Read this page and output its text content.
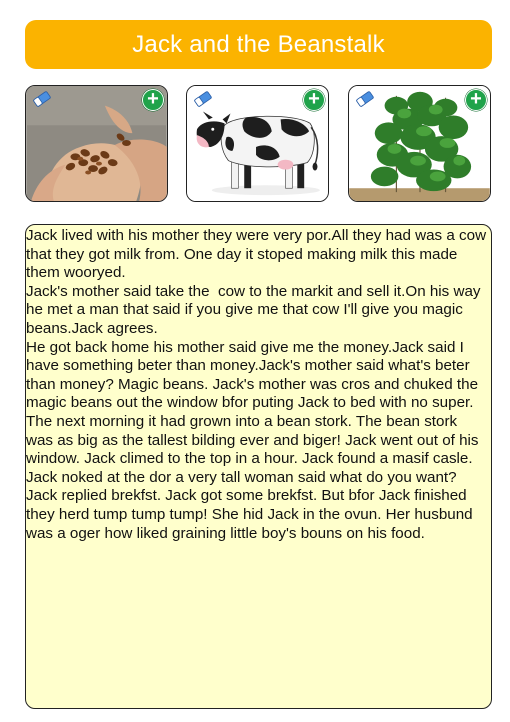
Jack and the Beanstalk
+	+	+

Jack lived with his mother they were very por.All they had was a cow that they got milk from. One day it stoped making milk this made them wooryed.
Jack's mother said take the  cow to the markit and sell it.On his way he met a man that said if you give me that cow I'll give you magic beans.Jack agrees.
He got back home his mother said give me the money.Jack said I have something beter than money.Jack's mother said what's beter than money? Magic beans. Jack's mother was cros and chuked the magic beans out the window bfor puting Jack to bed with no super.
The next morning it had grown into a bean stork. The bean stork was as big as the tallest bilding ever and biger! Jack went out of his window. Jack climed to the top in a hour. Jack found a masif casle.
Jack noked at the dor a very tall woman said what do you want? Jack replied brekfst. Jack got some brekfst. But bfor Jack finished they herd tump tump tump! She hid Jack in the ovun. Her husbund was a oger how liked graining little boy's bouns on his food.
